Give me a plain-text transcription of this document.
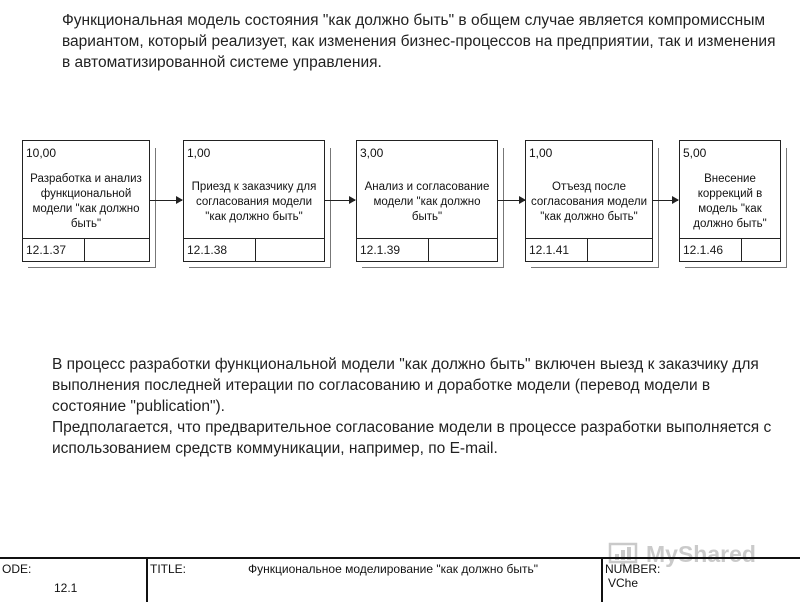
Функциональная модель состояния "как должно быть" в общем случае является компромиссным вариантом, который реализует, как изменения бизнес-процессов на предприятии, так и изменения в автоматизированной системе управления.
10,00
Разработка и анализ функциональной модели "как должно быть"
12.1.37
1,00
Приезд к заказчику для согласования модели "как должно быть"
12.1.38
3,00
Анализ и согласование модели "как должно быть"
12.1.39
1,00
Отъезд после согласования модели "как должно быть"
12.1.41
5,00
Внесение коррекций в модель "как должно быть"
12.1.46

В процесс разработки функциональной модели "как должно быть" включен выезд к заказчику для выполнения последней итерации по согласованию и доработке модели (перевод модели в состояние "publication").

Предполагается, что предварительное согласование модели в процессе разработки выполняется с использованием средств коммуникации, например, по E-mail.

MyShared
ODE:
12.1
TITLE:	Функциональное моделирование "как должно быть"	NUMBER:
VChe
